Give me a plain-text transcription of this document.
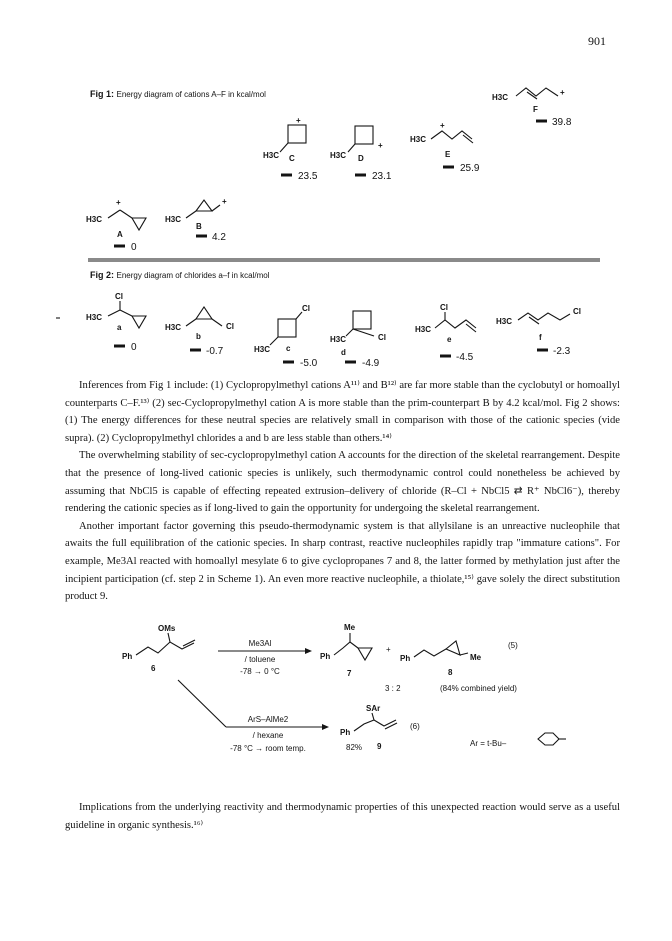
901
Fig 1: Energy diagram of cations A–F in kcal/mol	H3C
+
F
39.8
H3C
+
C
23.5
H3C
+
D
23.1
H3C
+
E
25.9
H3C
+
A
0
H3C
+
B
4.2
Fig 2: Energy diagram of chlorides a–f in kcal/mol
Cl
H3C
a
0
H3C	Cl
b
-0.7
Cl
H3C c
-5.0
H3C	Cl
d
-4.9
Cl
H3C
e
-4.5
H3C
Cl
f
-2.3
OMs
Ph
6
Me3Al
/ toluene
-78 → 0 °C
Me
Ph
7
+
Ph	Me
(5)
8
3 : 2	(84% combined yield)
ArS–AlMe2
/ hexane
-78 °C → room temp.
SAr
Ph
(6)
82% 9	Ar = t-Bu–

Inferences from Fig 1 include: (1) Cyclopropylmethyl cations A¹¹⁾ and B¹²⁾ are far more stable than the cyclobutyl or homoallyl counterparts C–F.¹³⁾ (2) sec-Cyclopropylmethyl cation A is more stable than the prim-counterpart B by 4.2 kcal/mol. Fig 2 shows: (1) The energy differences for these neutral species are relatively small in comparison with those of the cationic species (vide supra). (2) Cyclopropylmethyl chlorides a and b are less stable than others.¹⁴⁾

The overwhelming stability of sec-cyclopropylmethyl cation A accounts for the direction of the skeletal rearrangement. Despite that the presence of long-lived cationic species is unlikely, such thermodynamic control could nonetheless be achieved by assuming that NbCl5 is capable of effecting repeated extrusion–delivery of chloride (R–Cl + NbCl5 ⇄ R⁺ NbCl6⁻), thereby rendering the cationic species as if long-lived to gain the opportunity for undergoing the skeletal rearrangement.

Another important factor governing this pseudo-thermodynamic system is that allylsilane is an unreactive nucleophile that awaits the full equilibration of the cationic species. In sharp contrast, reactive nucleophiles rapidly trap "immature cations". For example, Me3Al reacted with homoallyl mesylate 6 to give cyclopropanes 7 and 8, the latter formed by methylation just after the incipient participation (cf. step 2 in Scheme 1). An even more reactive nucleophile, a thiolate,¹⁵⁾ gave solely the direct substitution product 9.

Implications from the underlying reactivity and thermodynamic properties of this unexpected reaction would serve as a useful guideline in organic synthesis.¹⁶⁾
